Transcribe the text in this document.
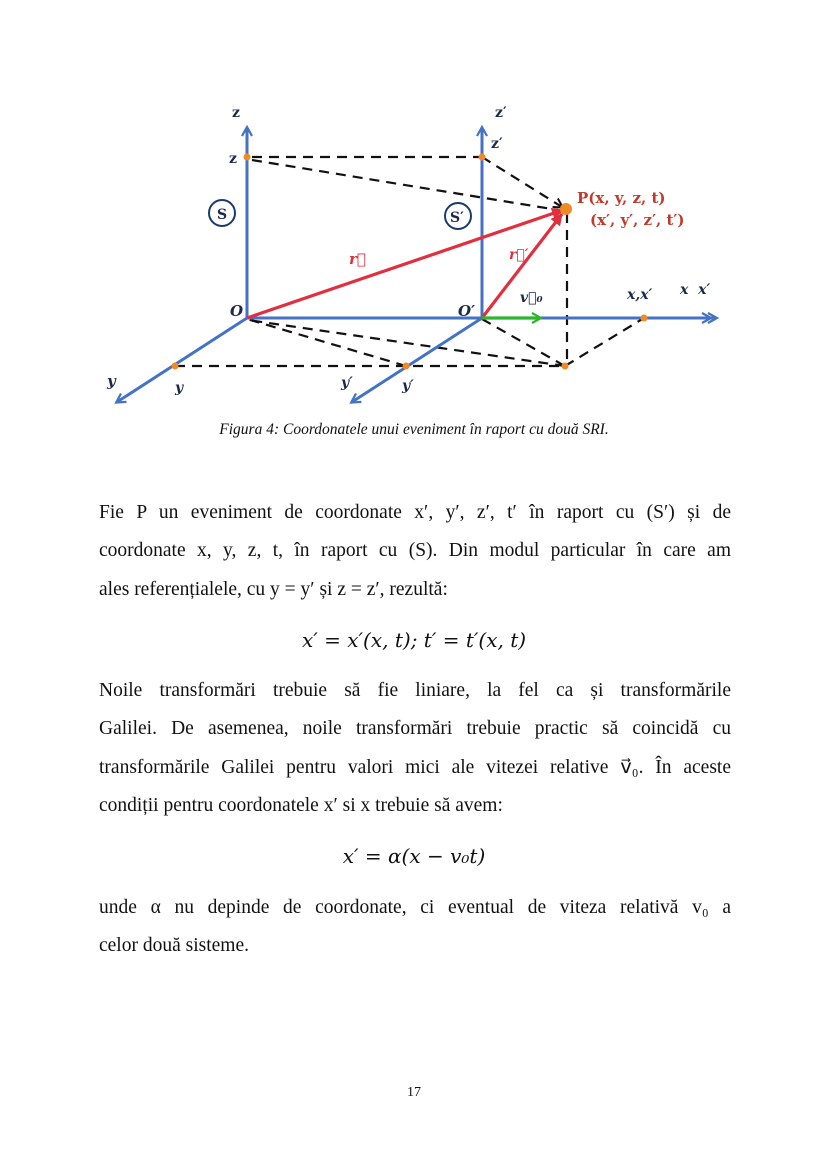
z
z
z′
z′
S	S′
O	O′
r⃗	r⃗′
v⃗₀
P(x, y, z, t)
(x′, y′, z′, t′)
x,x′ x  x′
y	y	y′	y′
Figura 4: Coordonatele unui eveniment în raport cu două SRI.
Fie P un eveniment de coordonate x′, y′, z′, t′ în raport cu (S′) și de
coordonate x, y, z, t, în raport cu (S). Din modul particular în care am
ales referențialele, cu y = y′ și z = z′, rezultă:
x′ = x′(x, t); t′ = t′(x, t)
Noile transformări trebuie să fie liniare, la fel ca și transformările
Galilei. De asemenea, noile transformări trebuie practic să coincidă cu
transformările Galilei pentru valori mici ale vitezei relative v⃗₀. În aceste
condiții pentru coordonatele x′ si x trebuie să avem:
x′ = α(x − v₀t)
unde α nu depinde de coordonate, ci eventual de viteza relativă v₀ a
celor două sisteme.
17
